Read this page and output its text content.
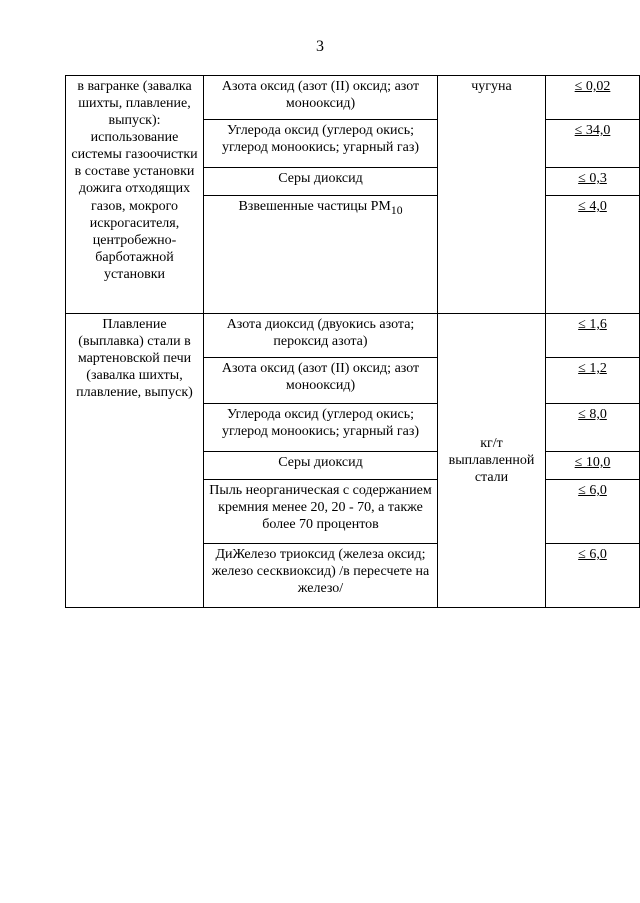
3
в вагранке (завалка шихты, плавление, выпуск): использование системы газоочистки в составе установки дожига отходящих газов, мокрого искрогасителя, центробежно-барботажной установки	Азота оксид (азот (II) оксид; азот монооксид)	чугуна	≤ 0,02
	Углерода оксид (углерод окись; углерод моноокись; угарный газ)		≤ 34,0
	Серы диоксид		≤ 0,3
	Взвешенные частицы $РМ_{10}$		≤ 4,0
Плавление (выплавка) стали в мартеновской печи (завалка шихты, плавление, выпуск)	Азота диоксид (двуокись азота; пероксид азота)	кг/т выплавленной стали	≤ 1,6
	Азота оксид (азот (II) оксид; азот монооксид)		≤ 1,2
	Углерода оксид (углерод окись; углерод моноокись; угарный газ)		≤ 8,0
	Серы диоксид		≤ 10,0
	Пыль неорганическая с содержанием кремния менее 20, 20 - 70, а также более 70 процентов		≤ 6,0
	ДиЖелезо триоксид (железа оксид; железо сесквиоксид) /в пересчете на железо/		≤ 6,0
